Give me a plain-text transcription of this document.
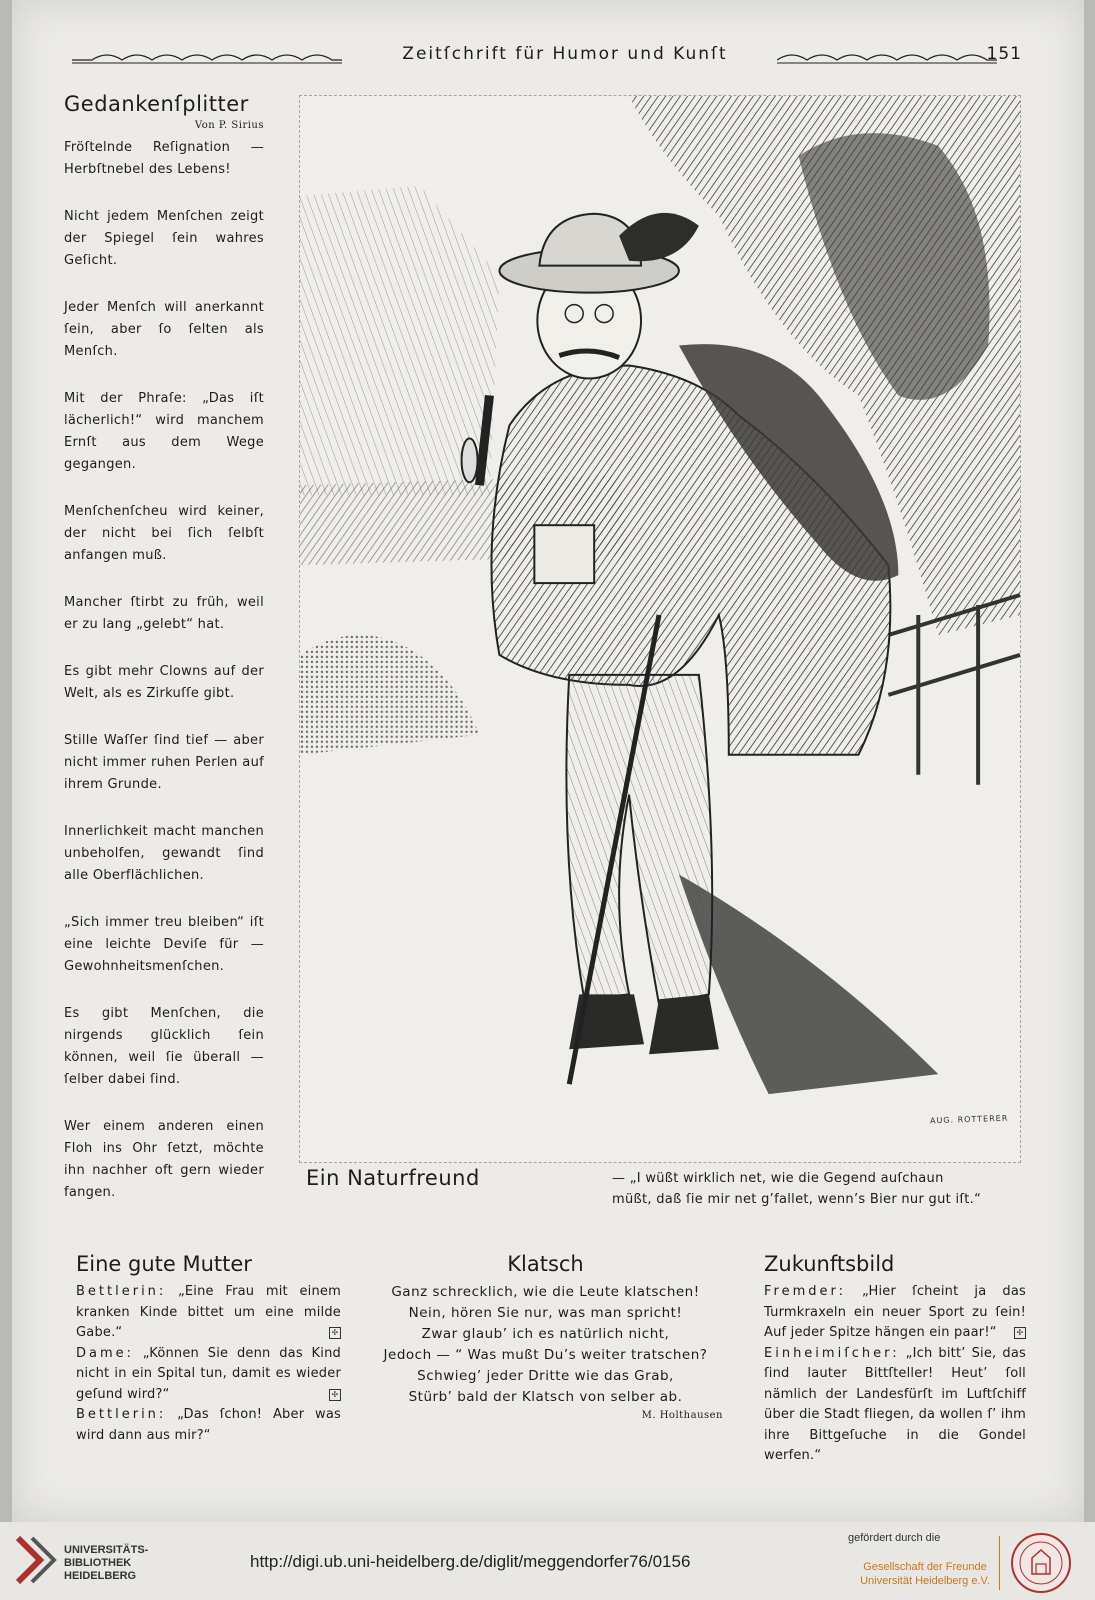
Zeitſchrift für Humor und Kunſt	151
Gedankenſplitter
Von P. Sirius

Fröſtelnde Reſignation — Herbſtnebel des Lebens!

Nicht jedem Menſchen zeigt der Spiegel ſein wahres Geſicht.

Jeder Menſch will anerkannt ſein, aber ſo ſelten als Menſch.

Mit der Phraſe: „Das iſt lächerlich!“ wird manchem Ernſt aus dem Wege gegangen.

Menſchenſcheu wird keiner, der nicht bei ſich ſelbſt anfangen muß.

Mancher ſtirbt zu früh, weil er zu lang „gelebt“ hat.

Es gibt mehr Clowns auf der Welt, als es Zirkuſſe gibt.

Stille Waſſer ſind tief — aber nicht immer ruhen Perlen auf ihrem Grunde.

Innerlichkeit macht manchen unbeholfen, gewandt ſind alle Oberflächlichen.

„Sich immer treu bleiben“ iſt eine leichte Deviſe für — Gewohnheitsmenſchen.

Es gibt Menſchen, die nirgends glücklich ſein können, weil ſie überall — ſelber dabei ſind.

Wer einem anderen einen Floh ins Ohr ſetzt, möchte ihn nachher oft gern wieder fangen.

AUG. ROTTERER
Ein Naturfreund	— „I wüßt wirklich net, wie die Gegend auſchaun
müßt, daß ſie mir net g’fallet, wenn’s Bier nur gut iſt.“
Eine gute Mutter

Bettlerin: „Eine Frau mit einem kranken Kinde bittet um eine milde Gabe.“	✢

Dame: „Können Sie denn das Kind nicht in ein Spital tun, damit es wieder geſund wird?“	✢

Bettlerin: „Das ſchon! Aber was wird dann aus mir?“

Klatsch
Ganz schrecklich, wie die Leute klatschen!
Nein, hören Sie nur, was man spricht!
Zwar glaub’ ich es natürlich nicht,
Jedoch — “ Was mußt Du’s weiter tratschen?
Schwieg’ jeder Dritte wie das Grab,
Stürb’ bald der Klatsch von selber ab.
M. Holthausen
Zukunftsbild

Fremder: „Hier ſcheint ja das Turmkraxeln ein neuer Sport zu ſein! Auf jeder Spitze hängen ein paar!“	✢

Einheimiſcher: „Ich bitt’ Sie, das ſind lauter Bittſteller! Heut’ ſoll nämlich der Landesfürſt im Luftſchiff über die Stadt fliegen, da wollen ſ’ ihm ihre Bittgeſuche in die Gondel werfen.“

UNIVERSITÄTS-
BIBLIOTHEK
HEIDELBERG
http://digi.ub.uni-heidelberg.de/diglit/meggendorfer76/0156
gefördert durch die
Gesellschaft der Freunde
Universität Heidelberg e.V.
